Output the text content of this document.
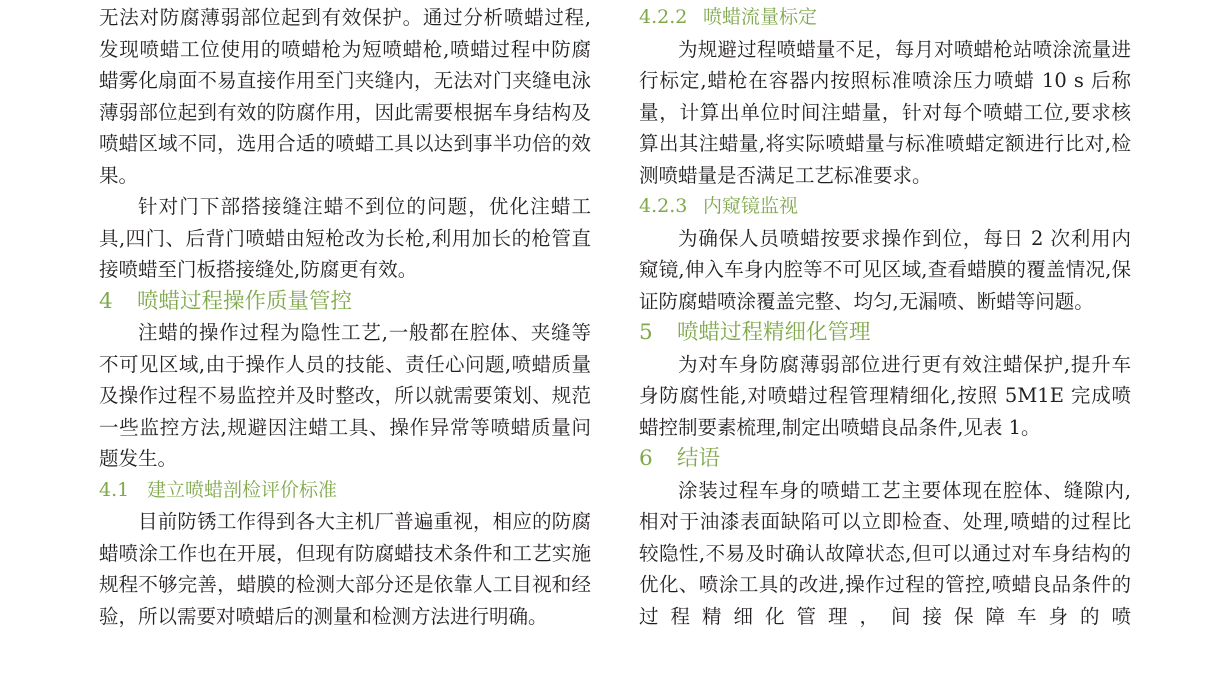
无法对防腐薄弱部位起到有效保护。通过分析喷蜡过程,发现喷蜡工位使用的喷蜡枪为短喷蜡枪,喷蜡过程中防腐蜡雾化扇面不易直接作用至门夹缝内，无法对门夹缝电泳薄弱部位起到有效的防腐作用，因此需要根据车身结构及喷蜡区域不同，选用合适的喷蜡工具以达到事半功倍的效果。

针对门下部搭接缝注蜡不到位的问题，优化注蜡工具,四门、后背门喷蜡由短枪改为长枪,利用加长的枪管直接喷蜡至门板搭接缝处,防腐更有效。

4 喷蜡过程操作质量管控

注蜡的操作过程为隐性工艺,一般都在腔体、夹缝等不可见区域,由于操作人员的技能、责任心问题,喷蜡质量及操作过程不易监控并及时整改，所以就需要策划、规范一些监控方法,规避因注蜡工具、操作异常等喷蜡质量问题发生。

4.1 建立喷蜡剖检评价标准

目前防锈工作得到各大主机厂普遍重视，相应的防腐蜡喷涂工作也在开展，但现有防腐蜡技术条件和工艺实施规程不够完善，蜡膜的检测大部分还是依靠人工目视和经验，所以需要对喷蜡后的测量和检测方法进行明确。

4.2.2 喷蜡流量标定

为规避过程喷蜡量不足，每月对喷蜡枪站喷涂流量进行标定,蜡枪在容器内按照标准喷涂压力喷蜡 10 s 后称量，计算出单位时间注蜡量，针对每个喷蜡工位,要求核算出其注蜡量,将实际喷蜡量与标准喷蜡定额进行比对,检测喷蜡量是否满足工艺标准要求。

4.2.3 内窥镜监视

为确保人员喷蜡按要求操作到位，每日 2 次利用内窥镜,伸入车身内腔等不可见区域,查看蜡膜的覆盖情况,保证防腐蜡喷涂覆盖完整、均匀,无漏喷、断蜡等问题。

5 喷蜡过程精细化管理

为对车身防腐薄弱部位进行更有效注蜡保护,提升车身防腐性能,对喷蜡过程管理精细化,按照 5M1E 完成喷蜡控制要素梳理,制定出喷蜡良品条件,见表 1。

6 结语

涂装过程车身的喷蜡工艺主要体现在腔体、缝隙内,相对于油漆表面缺陷可以立即检查、处理,喷蜡的过程比较隐性,不易及时确认故障状态,但可以通过对车身结构的优化、喷涂工具的改进,操作过程的管控,喷蜡良品条件的过程精细化管理，间接保障车身的喷
